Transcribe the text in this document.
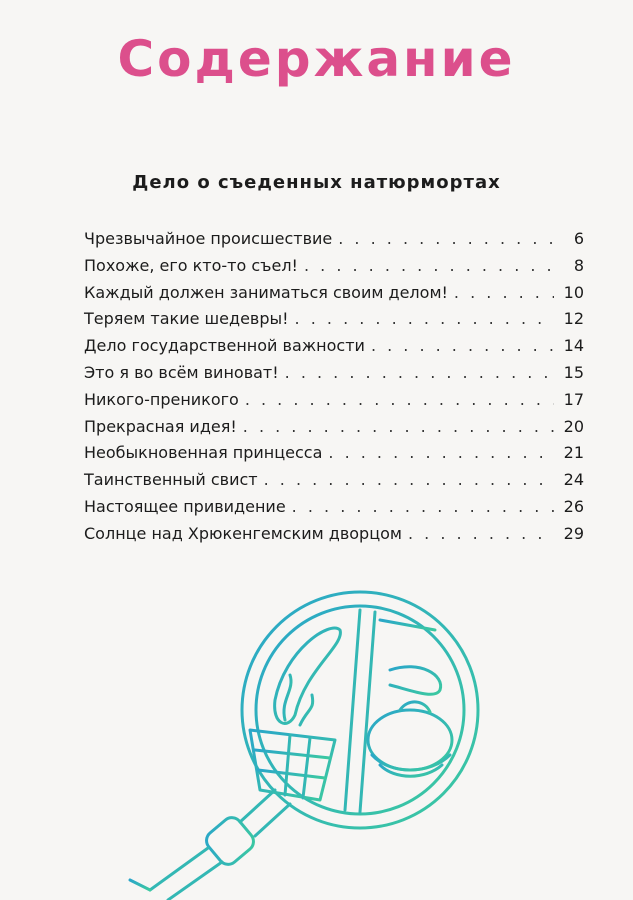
Содержание
Дело о съеденных натюрмортах
Чрезвычайное происшествие . . .	6
Похоже, его кто-то съел! . . .	8
Каждый должен заниматься своим делом! . . .	10
Теряем такие шедевры! . . .	12
Дело государственной важности . . .	14
Это я во всём виноват! . . .	15
Никого-преникого . . .	17
Прекрасная идея! . . .	20
Необыкновенная принцесса . . .	21
Таинственный свист . . .	24
Настоящее привидение . . .	26
Солнце над Хрюкенгемским дворцом . . .	29
